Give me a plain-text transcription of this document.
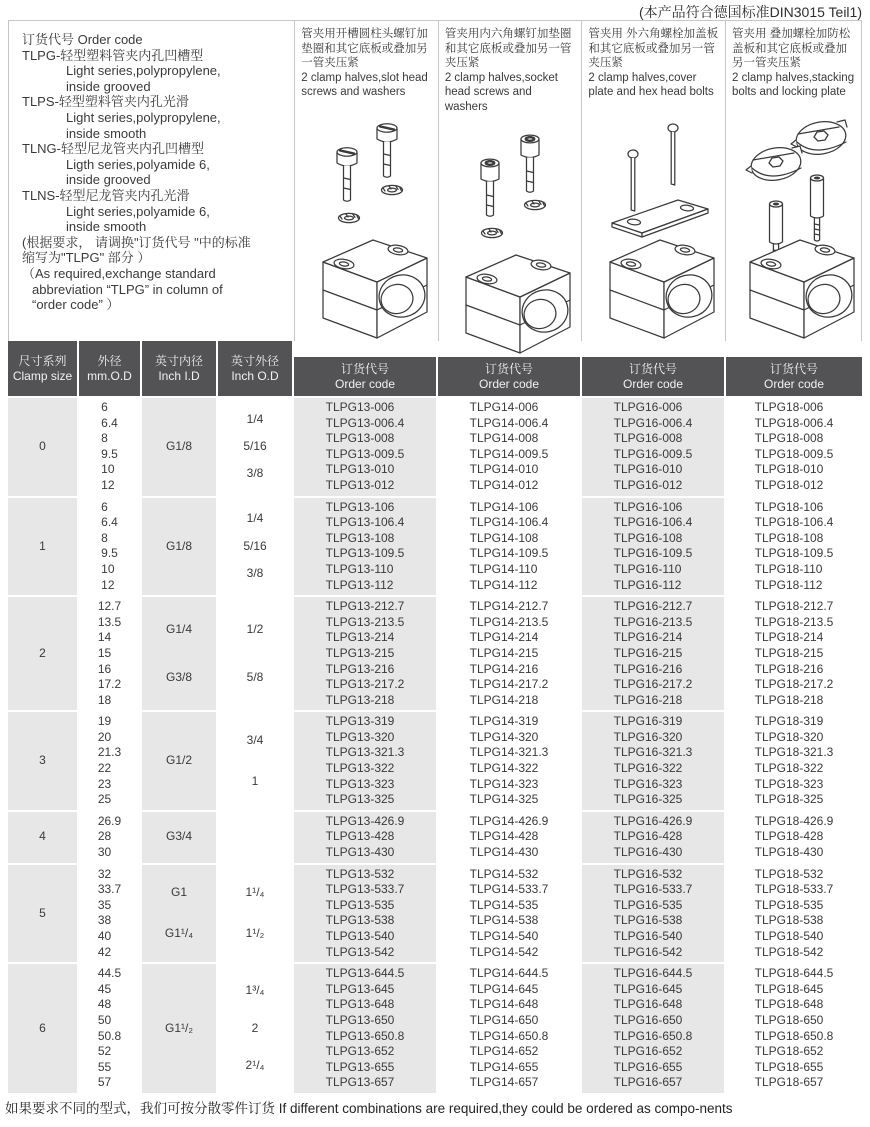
(本产品符合德国标准DIN3015 Teil1)
订货代号 Order code
TLPG-轻型塑料管夹内孔凹槽型
Light series,polypropylene,
inside grooved
TLPS-轻型塑料管夹内孔光滑
Light series,polypropylene,
inside smooth
TLNG-轻型尼龙管夹内孔凹槽型
Ligth series,polyamide 6,
inside grooved
TLNS-轻型尼龙管夹内孔光滑
Light series,polyamide 6,
inside smooth
(根据要求， 请调换"订货代号 "中的标准
缩写为"TLPG" 部分 ）
（As required,exchange standard
abbreviation “TLPG” in column of
“order code” ）
管夹用开槽圆柱头螺钉加垫圈和其它底板或叠加另一管夹压紧
2 clamp halves,slot head screws and washers
管夹用内六角螺钉加垫圈和其它底板或叠加另一管夹压紧
2 clamp halves,socket head screws and washers
管夹用 外六角螺栓加盖板和其它底板或叠加另一管夹压紧
2 clamp halves,cover plate and hex head bolts
管夹用 叠加螺栓加防松盖板和其它底板或叠加另一管夹压紧
2 clamp halves,stacking bolts and locking plate
尺寸系列
Clamp size
外径
mm.O.D
英寸内径
Inch I.D
英寸外径
Inch O.D	订货代号
Order code
订货代号
Order code
订货代号
Order code
订货代号
Order code
0
6
6.4
8
9.5
10
12
G1/8
1/4
5/16
3/8
TLPG13-006
TLPG13-006.4
TLPG13-008
TLPG13-009.5
TLPG13-010
TLPG13-012
TLPG14-006
TLPG14-006.4
TLPG14-008
TLPG14-009.5
TLPG14-010
TLPG14-012
TLPG16-006
TLPG16-006.4
TLPG16-008
TLPG16-009.5
TLPG16-010
TLPG16-012
TLPG18-006
TLPG18-006.4
TLPG18-008
TLPG18-009.5
TLPG18-010
TLPG18-012
1
6
6.4
8
9.5
10
12
G1/8
1/4
5/16
3/8
TLPG13-106
TLPG13-106.4
TLPG13-108
TLPG13-109.5
TLPG13-110
TLPG13-112
TLPG14-106
TLPG14-106.4
TLPG14-108
TLPG14-109.5
TLPG14-110
TLPG14-112
TLPG16-106
TLPG16-106.4
TLPG16-108
TLPG16-109.5
TLPG16-110
TLPG16-112
TLPG18-106
TLPG18-106.4
TLPG18-108
TLPG18-109.5
TLPG18-110
TLPG18-112
2
12.7
13.5
14
15
16
17.2
18
G1/4
G3/8
1/2
5/8
TLPG13-212.7
TLPG13-213.5
TLPG13-214
TLPG13-215
TLPG13-216
TLPG13-217.2
TLPG13-218
TLPG14-212.7
TLPG14-213.5
TLPG14-214
TLPG14-215
TLPG14-216
TLPG14-217.2
TLPG14-218
TLPG16-212.7
TLPG16-213.5
TLPG16-214
TLPG16-215
TLPG16-216
TLPG16-217.2
TLPG16-218
TLPG18-212.7
TLPG18-213.5
TLPG18-214
TLPG18-215
TLPG18-216
TLPG18-217.2
TLPG18-218
3
19
20
21.3
22
23
25
G1/2
3/4
1
TLPG13-319
TLPG13-320
TLPG13-321.3
TLPG13-322
TLPG13-323
TLPG13-325
TLPG14-319
TLPG14-320
TLPG14-321.3
TLPG14-322
TLPG14-323
TLPG14-325
TLPG16-319
TLPG16-320
TLPG16-321.3
TLPG16-322
TLPG16-323
TLPG16-325
TLPG18-319
TLPG18-320
TLPG18-321.3
TLPG18-322
TLPG18-323
TLPG18-325
4
26.9
28
30
G3/4
TLPG13-426.9
TLPG13-428
TLPG13-430
TLPG14-426.9
TLPG14-428
TLPG14-430
TLPG16-426.9
TLPG16-428
TLPG16-430
TLPG18-426.9
TLPG18-428
TLPG18-430
5
32
33.7
35
38
40
42
G1
G1¹/₄
1¹/₄
1¹/₂
TLPG13-532
TLPG13-533.7
TLPG13-535
TLPG13-538
TLPG13-540
TLPG13-542
TLPG14-532
TLPG14-533.7
TLPG14-535
TLPG14-538
TLPG14-540
TLPG14-542
TLPG16-532
TLPG16-533.7
TLPG16-535
TLPG16-538
TLPG16-540
TLPG16-542
TLPG18-532
TLPG18-533.7
TLPG18-535
TLPG18-538
TLPG18-540
TLPG18-542
6
44.5
45
48
50
50.8
52
55
57
G1¹/₂
1³/₄
2
2¹/₄
TLPG13-644.5
TLPG13-645
TLPG13-648
TLPG13-650
TLPG13-650.8
TLPG13-652
TLPG13-655
TLPG13-657
TLPG14-644.5
TLPG14-645
TLPG14-648
TLPG14-650
TLPG14-650.8
TLPG14-652
TLPG14-655
TLPG14-657
TLPG16-644.5
TLPG16-645
TLPG16-648
TLPG16-650
TLPG16-650.8
TLPG16-652
TLPG16-655
TLPG16-657
TLPG18-644.5
TLPG18-645
TLPG18-648
TLPG18-650
TLPG18-650.8
TLPG18-652
TLPG18-655
TLPG18-657
如果要求不同的型式，我们可按分散零件订货 If different combinations are required,they could be ordered as compo-nents
